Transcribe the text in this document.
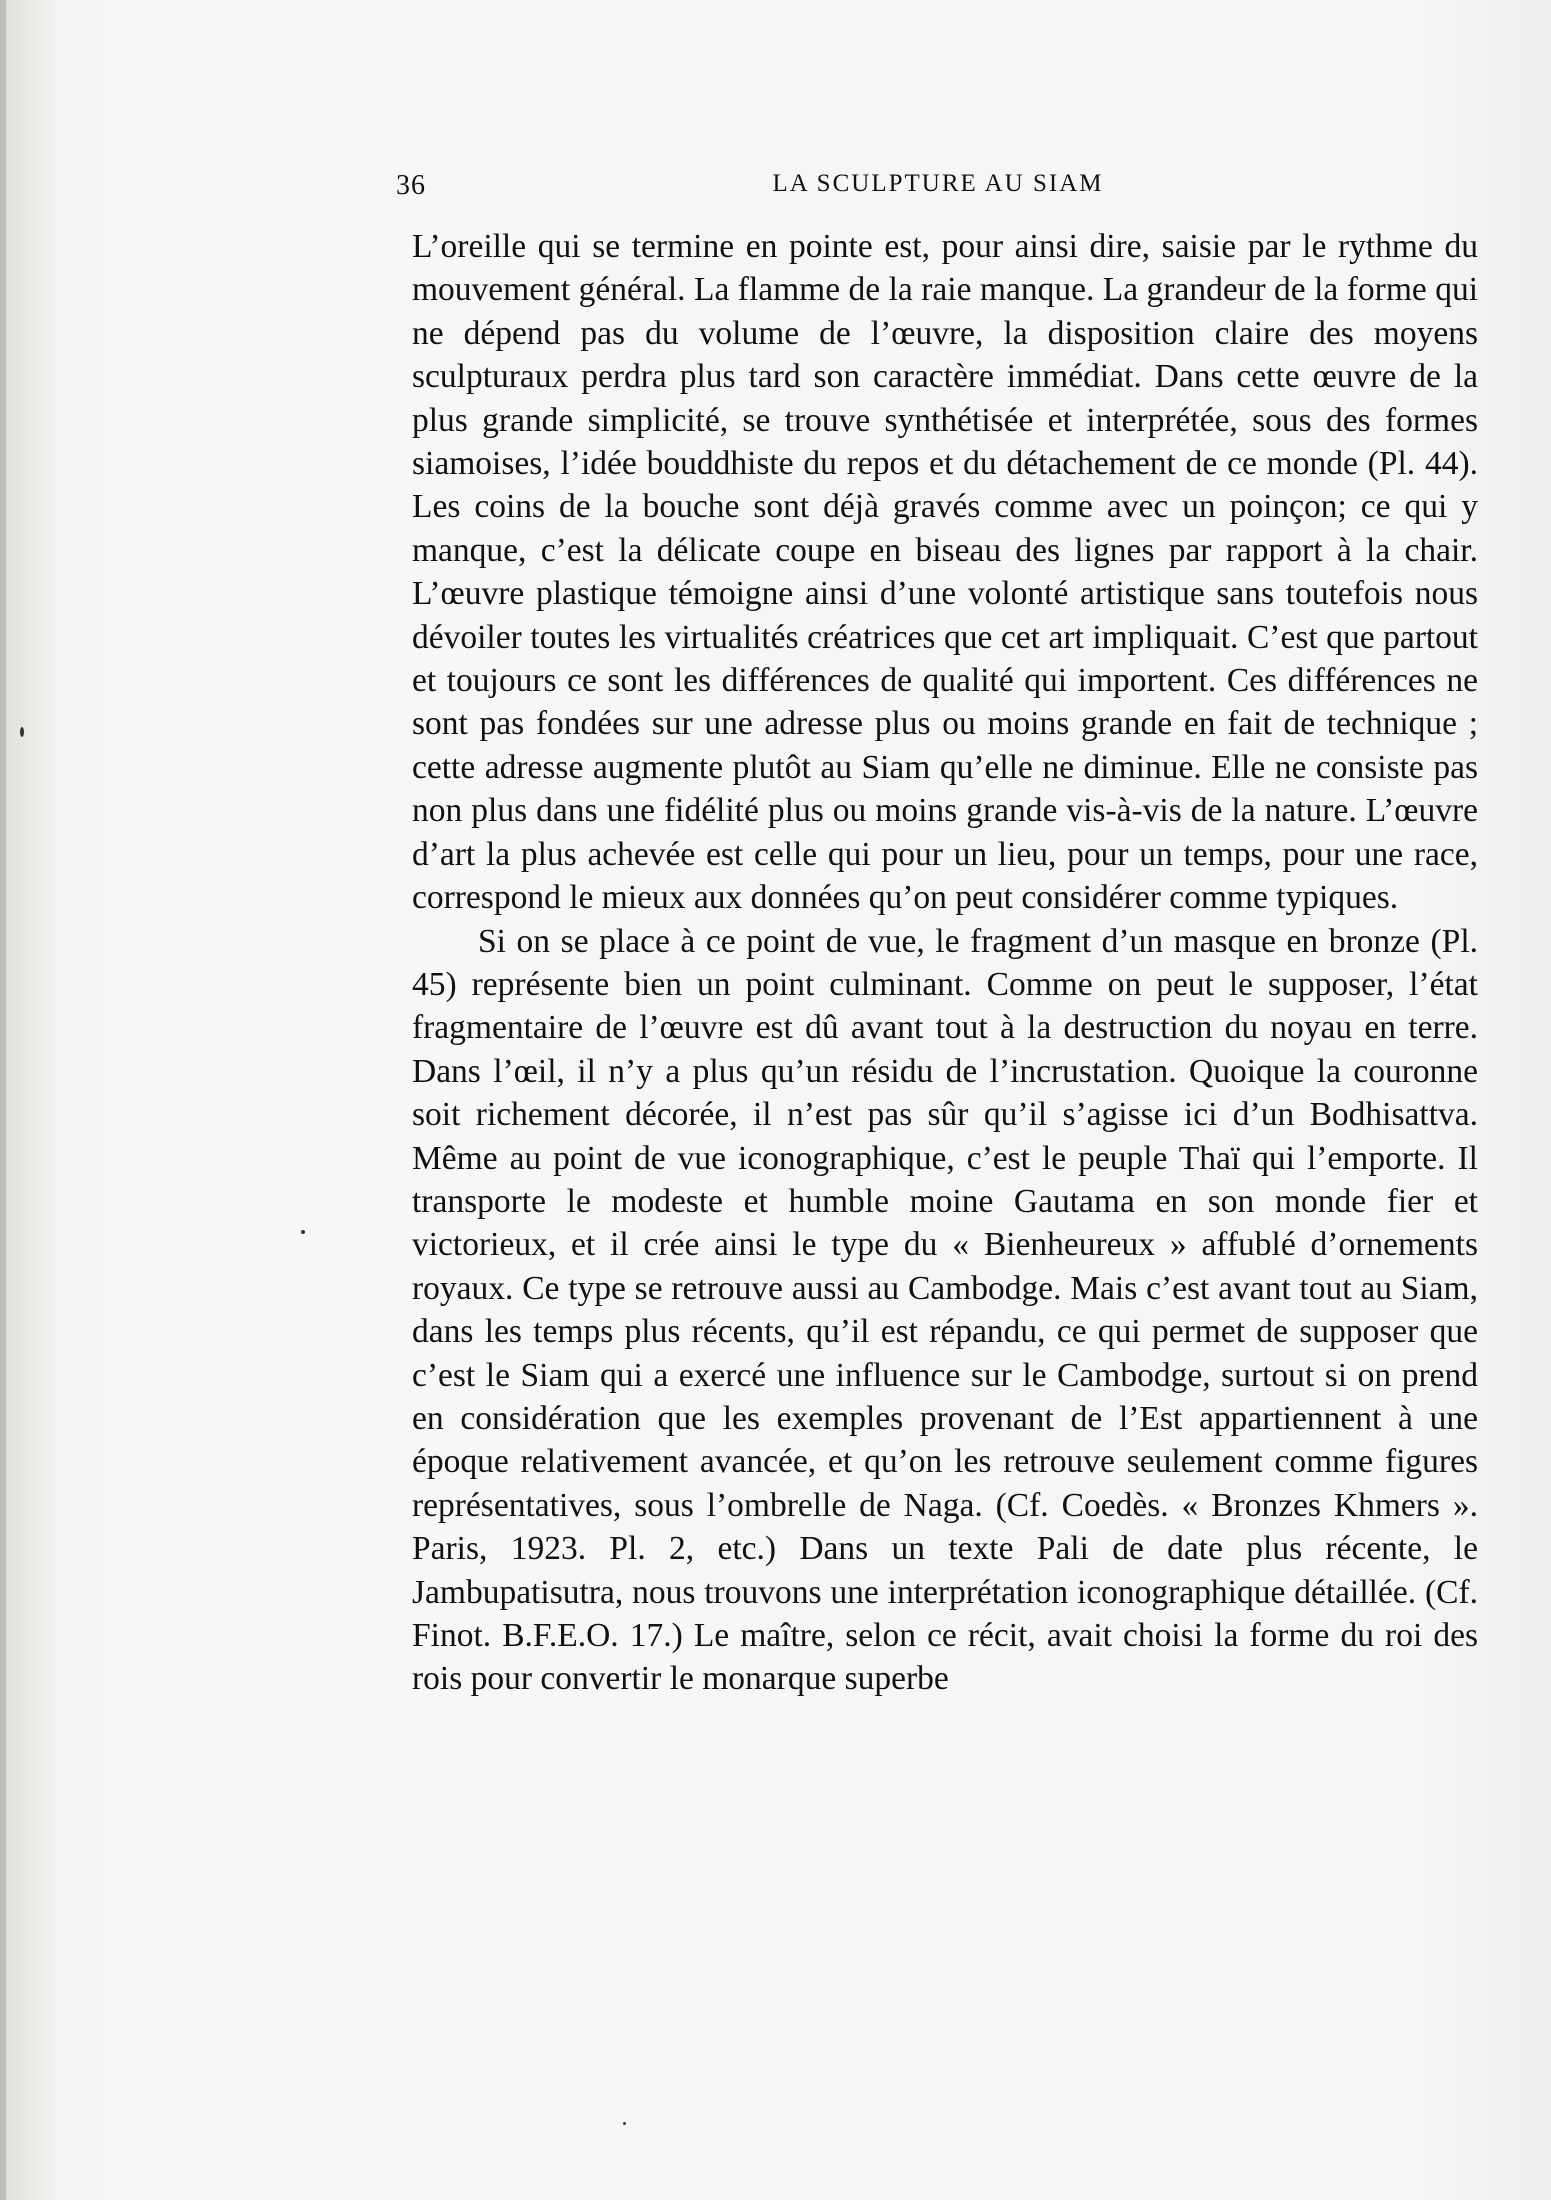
36	LA SCULPTURE AU SIAM

L’oreille qui se termine en pointe est, pour ainsi dire, saisie par le rythme du mouvement général. La flamme de la raie manque. La grandeur de la forme qui ne dépend pas du volume de l’œuvre, la disposition claire des moyens sculpturaux perdra plus tard son caractère immédiat. Dans cette œuvre de la plus grande simplicité, se trouve synthétisée et interprétée, sous des formes siamoises, l’idée bouddhiste du repos et du détachement de ce monde (Pl. 44). Les coins de la bouche sont déjà gravés comme avec un poinçon; ce qui y manque, c’est la délicate coupe en biseau des lignes par rapport à la chair. L’œuvre plastique témoigne ainsi d’une volonté artistique sans toutefois nous dévoiler toutes les virtualités créatrices que cet art impliquait. C’est que partout et toujours ce sont les différences de qualité qui importent. Ces différences ne sont pas fondées sur une adresse plus ou moins grande en fait de technique ; cette adresse augmente plutôt au Siam qu’elle ne diminue. Elle ne consiste pas non plus dans une fidélité plus ou moins grande vis-à-vis de la nature. L’œuvre d’art la plus achevée est celle qui pour un lieu, pour un temps, pour une race, correspond le mieux aux données qu’on peut considérer comme typiques.

Si on se place à ce point de vue, le fragment d’un masque en bronze (Pl. 45) représente bien un point culminant. Comme on peut le supposer, l’état fragmentaire de l’œuvre est dû avant tout à la destruction du noyau en terre. Dans l’œil, il n’y a plus qu’un résidu de l’incrustation. Quoique la couronne soit richement décorée, il n’est pas sûr qu’il s’agisse ici d’un Bodhisattva. Même au point de vue iconographique, c’est le peuple Thaï qui l’emporte. Il transporte le modeste et humble moine Gautama en son monde fier et victorieux, et il crée ainsi le type du « Bienheureux » affublé d’ornements royaux. Ce type se retrouve aussi au Cambodge. Mais c’est avant tout au Siam, dans les temps plus récents, qu’il est répandu, ce qui permet de supposer que c’est le Siam qui a exercé une influence sur le Cambodge, surtout si on prend en considération que les exemples provenant de l’Est appartiennent à une époque relativement avancée, et qu’on les retrouve seulement comme figures représentatives, sous l’ombrelle de Naga. (Cf. Coedès. « Bronzes Khmers ». Paris, 1923. Pl. 2, etc.) Dans un texte Pali de date plus récente, le Jambupatisutra, nous trouvons une interprétation iconographique détaillée. (Cf. Finot. B.F.E.O. 17.) Le maître, selon ce récit, avait choisi la forme du roi des rois pour convertir le monarque superbe
